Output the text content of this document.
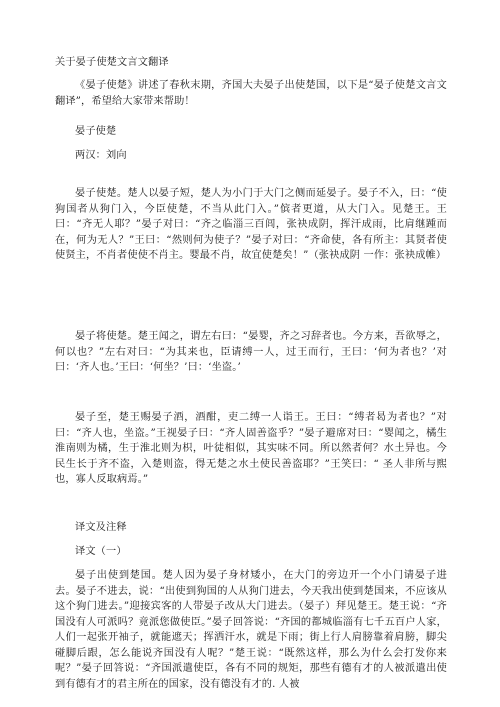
关于晏子使楚文言文翻译

《晏子使楚》讲述了春秋末期，齐国大夫晏子出使楚国，以下是“晏子使楚文言文翻译”，希望给大家带来帮助！

晏子使楚

两汉：刘向

晏子使楚。楚人以晏子短，楚人为小门于大门之侧而延晏子。晏子不入，曰：“使狗国者从狗门入，今臣使楚，不当从此门入。”傧者更道，从大门入。见楚王。王曰：“齐无人耶？”晏子对曰：“齐之临淄三百闾，张袂成阴，挥汗成雨，比肩继踵而在，何为无人？”王曰：“然则何为使子？”晏子对曰：“齐命使，各有所主：其贤者使使贤主，不肖者使使不肖主。婴最不肖，故宜使楚矣！”（张袂成阴 一作：张袂成帷）

晏子将使楚。楚王闻之，谓左右曰：“晏婴，齐之习辞者也。今方来，吾欲辱之，何以也？”左右对曰：“为其来也，臣请缚一人，过王而行，王曰：‘何为者也？’对曰：‘齐人也。’王曰：‘何坐？’曰：‘坐盗。’

晏子至，楚王赐晏子酒，酒酣，吏二缚一人诣王。王曰：“缚者曷为者也？”对曰：“齐人也，坐盗。”王视晏子曰：“齐人固善盗乎？”晏子避席对曰：“婴闻之，橘生淮南则为橘，生于淮北则为枳，叶徒相似，其实味不同。所以然者何？水土异也。今民生长于齐不盗，入楚则盗，得无楚之水土使民善盗耶？”王笑曰：“ 圣人非所与熙也，寡人反取病焉。”

译文及注释

译文（一）

晏子出使到楚国。楚人因为晏子身材矮小，在大门的旁边开一个小门请晏子进去。晏子不进去，说：“出使到狗国的人从狗门进去，今天我出使到楚国来，不应该从这个狗门进去。”迎接宾客的人带晏子改从大门进去。（晏子）拜见楚王。楚王说：“齐国没有人可派吗？竟派您做使臣。”晏子回答说：“齐国的都城临淄有七千五百户人家，人们一起张开袖子，就能遮天；挥洒汗水，就是下雨；街上行人肩膀靠着肩膀，脚尖碰脚后跟，怎么能说齐国没有人呢？”楚王说：“既然这样，那么为什么会打发你来呢？”晏子回答说：“齐国派遣使臣，各有不同的规矩，那些有德有才的人被派遣出使到有德有才的君主所在的国家，没有德没有才的. 人被
